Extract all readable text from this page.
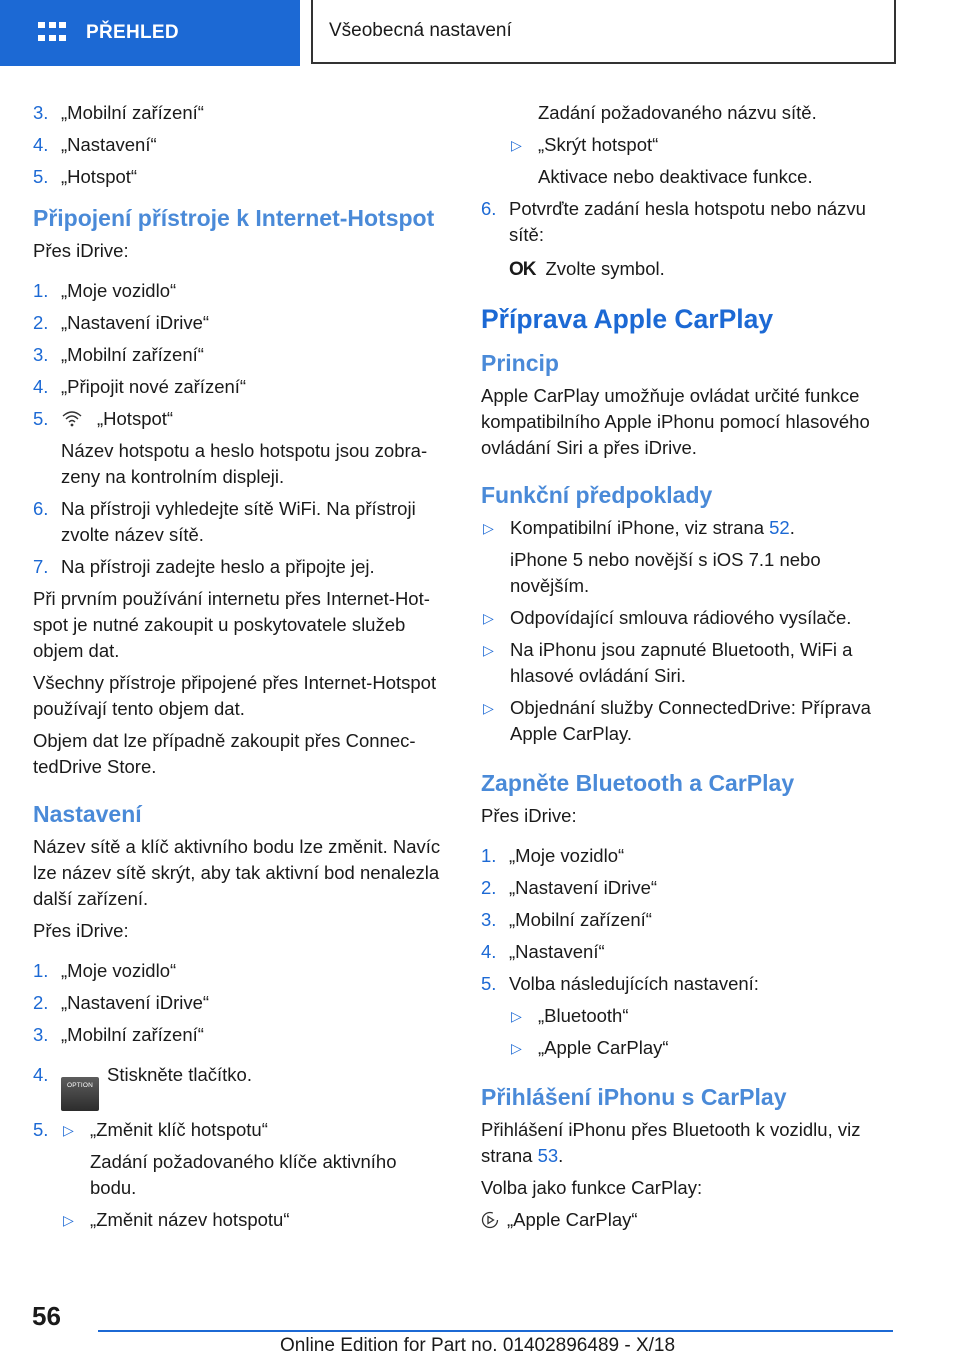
PŘEHLED	Všeobecná nastavení
3. „Mobilní zařízení“
4. „Nastavení“
5. „Hotspot“
Připojení přístroje k Internet-Hotspot
Přes iDrive:
1. „Moje vozidlo“
2. „Nastavení iDrive“
3. „Mobilní zařízení“
4. „Připojit nové zařízení“
5.	„Hotspot“
Název hotspotu a heslo hotspotu jsou zobrazeny na kontrolním displeji.
6. Na přístroji vyhledejte sítě WiFi. Na přístroji zvolte název sítě.
7. Na přístroji zadejte heslo a připojte jej.
Při prvním používání internetu přes Internet-Hotspot je nutné zakoupit u poskytovatele služeb objem dat.
Všechny přístroje připojené přes Internet-Hotspot používají tento objem dat.
Objem dat lze případně zakoupit přes ConnectedDrive Store.
Nastavení
Název sítě a klíč aktivního bodu lze změnit. Navíc lze název sítě skrýt, aby tak aktivní bod nenalezla další zařízení.
Přes iDrive:
1. „Moje vozidlo“
2. „Nastavení iDrive“
3. „Mobilní zařízení“
4.
OPTIONStiskněte tlačítko.
5. ▷ „Změnit klíč hotspotu“
Zadání požadovaného klíče aktivního bodu.
▷ „Změnit název hotspotu“
Zadání požadovaného názvu sítě.
▷ „Skrýt hotspot“
Aktivace nebo deaktivace funkce.
6. Potvrďte zadání hesla hotspotu nebo názvu sítě:
OK Zvolte symbol.
Příprava Apple CarPlay
Princip
Apple CarPlay umožňuje ovládat určité funkce kompatibilního Apple iPhonu pomocí hlasového ovládání Siri a přes iDrive.
Funkční předpoklady
▷ Kompatibilní iPhone, viz strana 52.
iPhone 5 nebo novější s iOS 7.1 nebo novějším.
▷ Odpovídající smlouva rádiového vysílače.
▷ Na iPhonu jsou zapnuté Bluetooth, WiFi a hlasové ovládání Siri.
▷ Objednání služby ConnectedDrive: Příprava Apple CarPlay.
Zapněte Bluetooth a CarPlay
Přes iDrive:
1. „Moje vozidlo“
2. „Nastavení iDrive“
3. „Mobilní zařízení“
4. „Nastavení“
5. Volba následujících nastavení:
▷ „Bluetooth“
▷ „Apple CarPlay“
Přihlášení iPhonu s CarPlay
Přihlášení iPhonu přes Bluetooth k vozidlu, viz strana 53.
Volba jako funkce CarPlay:
„Apple CarPlay“
56
Online Edition for Part no. 01402896489 - X/18
